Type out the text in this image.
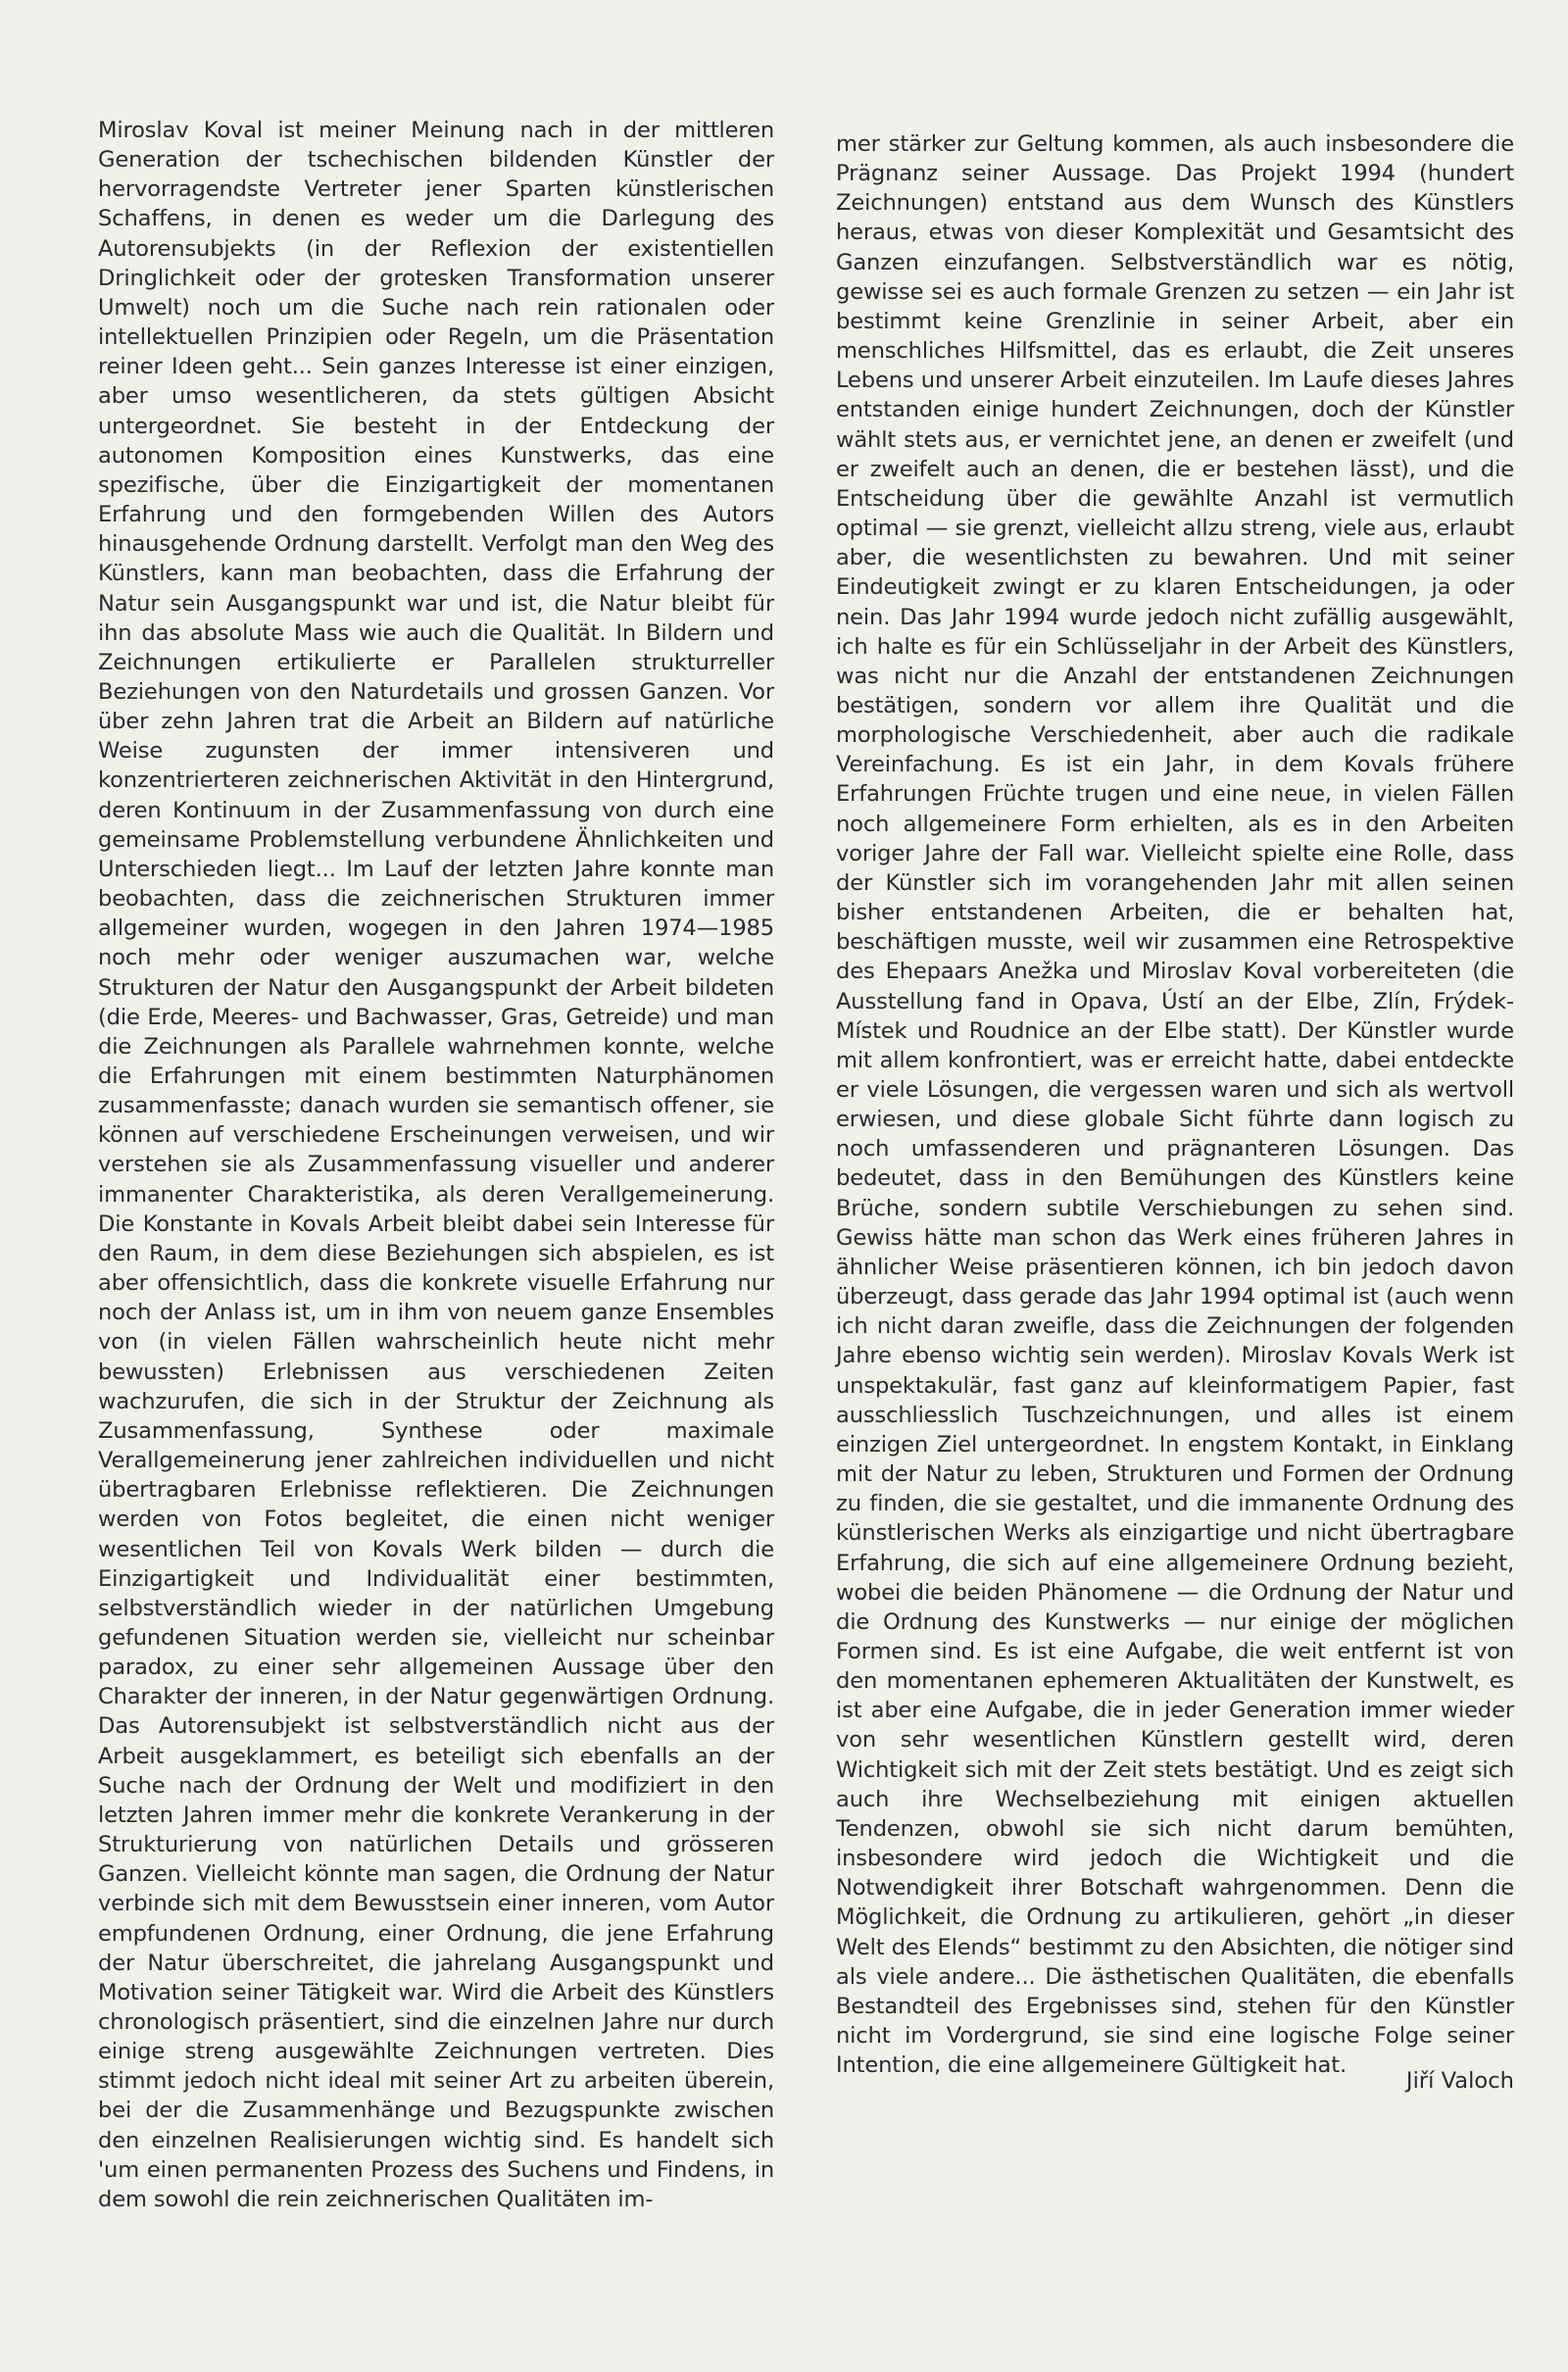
Miroslav Koval ist meiner Meinung nach in der mittleren Generation der tschechischen bildenden Künstler der hervorragendste Vertreter jener Sparten künstlerischen Schaffens, in denen es weder um die Darlegung des Autorensubjekts (in der Reflexion der existentiellen Dringlichkeit oder der grotesken Transformation unserer Umwelt) noch um die Suche nach rein rationalen oder intellektuellen Prinzipien oder Regeln, um die Präsentation reiner Ideen geht... Sein ganzes Interesse ist einer einzigen, aber umso wesentlicheren, da stets gültigen Absicht untergeordnet. Sie besteht in der Entdeckung der autonomen Komposition eines Kunstwerks, das eine spezifische, über die Einzigartigkeit der momentanen Erfahrung und den formgebenden Willen des Autors hinausgehende Ordnung darstellt. Verfolgt man den Weg des Künstlers, kann man beobachten, dass die Erfahrung der Natur sein Ausgangspunkt war und ist, die Natur bleibt für ihn das absolute Mass wie auch die Qualität. In Bildern und Zeichnungen ertikulierte er Parallelen strukturreller Beziehungen von den Naturdetails und grossen Ganzen. Vor über zehn Jahren trat die Arbeit an Bildern auf natürliche Weise zugunsten der immer intensiveren und konzentrierteren zeichnerischen Aktivität in den Hintergrund, deren Kontinuum in der Zusammenfassung von durch eine gemeinsame Problemstellung verbundene Ähnlichkeiten und Unterschieden liegt... Im Lauf der letzten Jahre konnte man beobachten, dass die zeichnerischen Strukturen immer allgemeiner wurden, wogegen in den Jahren 1974—1985 noch mehr oder weniger auszumachen war, welche Strukturen der Natur den Ausgangspunkt der Arbeit bildeten (die Erde, Meeres- und Bachwasser, Gras, Getreide) und man die Zeichnungen als Parallele wahrnehmen konnte, welche die Erfahrungen mit einem bestimmten Naturphänomen zusammenfasste; danach wurden sie semantisch offener, sie können auf verschiedene Erscheinungen verweisen, und wir verstehen sie als Zusammenfassung visueller und anderer immanenter Charakteristika, als deren Verallgemeinerung. Die Konstante in Kovals Arbeit bleibt dabei sein Interesse für den Raum, in dem diese Beziehungen sich abspielen, es ist aber offensichtlich, dass die konkrete visuelle Erfahrung nur noch der Anlass ist, um in ihm von neuem ganze Ensembles von (in vielen Fällen wahrscheinlich heute nicht mehr bewussten) Erlebnissen aus verschiedenen Zeiten wachzurufen, die sich in der Struktur der Zeichnung als Zusammenfassung, Synthese oder maximale Verallgemeinerung jener zahlreichen individuellen und nicht übertragbaren Erlebnisse reflektieren. Die Zeichnungen werden von Fotos begleitet, die einen nicht weniger wesentlichen Teil von Kovals Werk bilden — durch die Einzigartigkeit und Individualität einer bestimmten, selbstverständlich wieder in der natürlichen Umgebung gefundenen Situation werden sie, vielleicht nur scheinbar paradox, zu einer sehr allgemeinen Aussage über den Charakter der inneren, in der Natur gegenwärtigen Ordnung. Das Autorensubjekt ist selbstverständlich nicht aus der Arbeit ausgeklammert, es beteiligt sich ebenfalls an der Suche nach der Ordnung der Welt und modifiziert in den letzten Jahren immer mehr die konkrete Verankerung in der Strukturierung von natürlichen Details und grösseren Ganzen. Vielleicht könnte man sagen, die Ordnung der Natur verbinde sich mit dem Bewusstsein einer inneren, vom Autor empfundenen Ordnung, einer Ordnung, die jene Erfahrung der Natur überschreitet, die jahrelang Ausgangspunkt und Motivation seiner Tätigkeit war. Wird die Arbeit des Künstlers chronologisch präsentiert, sind die einzelnen Jahre nur durch einige streng ausgewählte Zeichnungen vertreten. Dies stimmt jedoch nicht ideal mit seiner Art zu arbeiten überein, bei der die Zusammenhänge und Bezugspunkte zwischen den einzelnen Realisierungen wichtig sind. Es handelt sich 'um einen permanenten Prozess des Suchens und Findens, in dem sowohl die rein zeichnerischen Qualitäten im-

mer stärker zur Geltung kommen, als auch insbesondere die Prägnanz seiner Aussage. Das Projekt 1994 (hundert Zeichnungen) entstand aus dem Wunsch des Künstlers heraus, etwas von dieser Komplexität und Gesamtsicht des Ganzen einzufangen. Selbstverständlich war es nötig, gewisse sei es auch formale Grenzen zu setzen — ein Jahr ist bestimmt keine Grenzlinie in seiner Arbeit, aber ein menschliches Hilfsmittel, das es erlaubt, die Zeit unseres Lebens und unserer Arbeit einzuteilen. Im Laufe dieses Jahres entstanden einige hundert Zeichnungen, doch der Künstler wählt stets aus, er vernichtet jene, an denen er zweifelt (und er zweifelt auch an denen, die er bestehen lässt), und die Entscheidung über die gewählte Anzahl ist vermutlich optimal — sie grenzt, vielleicht allzu streng, viele aus, erlaubt aber, die wesentlichsten zu bewahren. Und mit seiner Eindeutigkeit zwingt er zu klaren Entscheidungen, ja oder nein. Das Jahr 1994 wurde jedoch nicht zufällig ausgewählt, ich halte es für ein Schlüsseljahr in der Arbeit des Künstlers, was nicht nur die Anzahl der entstandenen Zeichnungen bestätigen, sondern vor allem ihre Qualität und die morphologische Verschiedenheit, aber auch die radikale Vereinfachung. Es ist ein Jahr, in dem Kovals frühere Erfahrungen Früchte trugen und eine neue, in vielen Fällen noch allgemeinere Form erhielten, als es in den Arbeiten voriger Jahre der Fall war. Vielleicht spielte eine Rolle, dass der Künstler sich im vorangehenden Jahr mit allen seinen bisher entstandenen Arbeiten, die er behalten hat, beschäftigen musste, weil wir zusammen eine Retrospektive des Ehepaars Anežka und Miroslav Koval vorbereiteten (die Ausstellung fand in Opava, Ústí an der Elbe, Zlín, Frýdek-Místek und Roudnice an der Elbe statt). Der Künstler wurde mit allem konfrontiert, was er erreicht hatte, dabei entdeckte er viele Lösungen, die vergessen waren und sich als wertvoll erwiesen, und diese globale Sicht führte dann logisch zu noch umfassenderen und prägnanteren Lösungen. Das bedeutet, dass in den Bemühungen des Künstlers keine Brüche, sondern subtile Verschiebungen zu sehen sind. Gewiss hätte man schon das Werk eines früheren Jahres in ähnlicher Weise präsentieren können, ich bin jedoch davon überzeugt, dass gerade das Jahr 1994 optimal ist (auch wenn ich nicht daran zweifle, dass die Zeichnungen der folgenden Jahre ebenso wichtig sein werden). Miroslav Kovals Werk ist unspektakulär, fast ganz auf kleinformatigem Papier, fast ausschliesslich Tuschzeichnungen, und alles ist einem einzigen Ziel untergeordnet. In engstem Kontakt, in Einklang mit der Natur zu leben, Strukturen und Formen der Ordnung zu finden, die sie gestaltet, und die immanente Ordnung des künstlerischen Werks als einzigartige und nicht übertragbare Erfahrung, die sich auf eine allgemeinere Ordnung bezieht, wobei die beiden Phänomene — die Ordnung der Natur und die Ordnung des Kunstwerks — nur einige der möglichen Formen sind. Es ist eine Aufgabe, die weit entfernt ist von den momentanen ephemeren Aktualitäten der Kunstwelt, es ist aber eine Aufgabe, die in jeder Generation immer wieder von sehr wesentlichen Künstlern gestellt wird, deren Wichtigkeit sich mit der Zeit stets bestätigt. Und es zeigt sich auch ihre Wechselbeziehung mit einigen aktuellen Tendenzen, obwohl sie sich nicht darum bemühten, insbesondere wird jedoch die Wichtigkeit und die Notwendigkeit ihrer Botschaft wahrgenommen. Denn die Möglichkeit, die Ordnung zu artikulieren, gehört „in dieser Welt des Elends“ bestimmt zu den Absichten, die nötiger sind als viele andere... Die ästhetischen Qualitäten, die ebenfalls Bestandteil des Ergebnisses sind, stehen für den Künstler nicht im Vordergrund, sie sind eine logische Folge seiner Intention, die eine allgemeinere Gültigkeit hat.

Jiří Valoch
